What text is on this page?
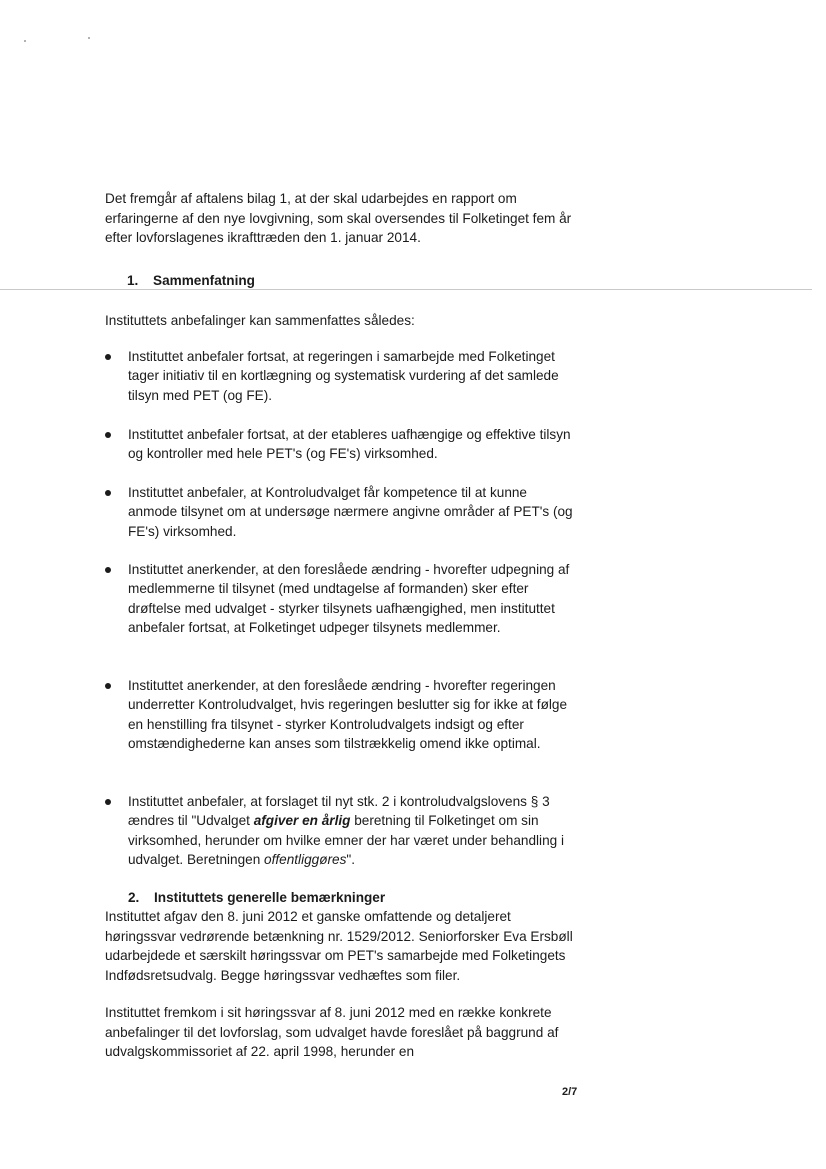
Det fremgår af aftalens bilag 1, at der skal udarbejdes en rapport om erfaringerne af den nye lovgivning, som skal oversendes til Folketinget fem år efter lovforslagenes ikrafttræden den 1. januar 2014.
1. Sammenfatning
Instituttets anbefalinger kan sammenfattes således:
Instituttet anbefaler fortsat, at regeringen i samarbejde med Folketinget tager initiativ til en kortlægning og systematisk vurdering af det samlede tilsyn med PET (og FE).
Instituttet anbefaler fortsat, at der etableres uafhængige og effektive tilsyn og kontroller med hele PET's (og FE's) virksomhed.
Instituttet anbefaler, at Kontroludvalget får kompetence til at kunne anmode tilsynet om at undersøge nærmere angivne områder af PET's (og FE's) virksomhed.
Instituttet anerkender, at den foreslåede ændring - hvorefter udpegning af medlemmerne til tilsynet (med undtagelse af formanden) sker efter drøftelse med udvalget - styrker tilsynets uafhængighed, men instituttet anbefaler fortsat, at Folketinget udpeger tilsynets medlemmer.
Instituttet anerkender, at den foreslåede ændring - hvorefter regeringen underretter Kontroludvalget, hvis regeringen beslutter sig for ikke at følge en henstilling fra tilsynet - styrker Kontroludvalgets indsigt og efter omstændighederne kan anses som tilstrækkelig omend ikke optimal.
Instituttet anbefaler, at forslaget til nyt stk. 2 i kontroludvalgslovens § 3 ændres til "Udvalget afgiver en årlig beretning til Folketinget om sin virksomhed, herunder om hvilke emner der har været under behandling i udvalget. Beretningen offentliggøres".
2. Instituttets generelle bemærkninger
Instituttet afgav den 8. juni 2012 et ganske omfattende og detaljeret høringssvar vedrørende betænkning nr. 1529/2012. Seniorforsker Eva Ersbøll udarbejdede et særskilt høringssvar om PET's samarbejde med Folketingets Indfødsretsudvalg. Begge høringssvar vedhæftes som filer.
Instituttet fremkom i sit høringssvar af 8. juni 2012 med en række konkrete anbefalinger til det lovforslag, som udvalget havde foreslået på baggrund af udvalgskommissoriet af 22. april 1998, herunder en
2/7
